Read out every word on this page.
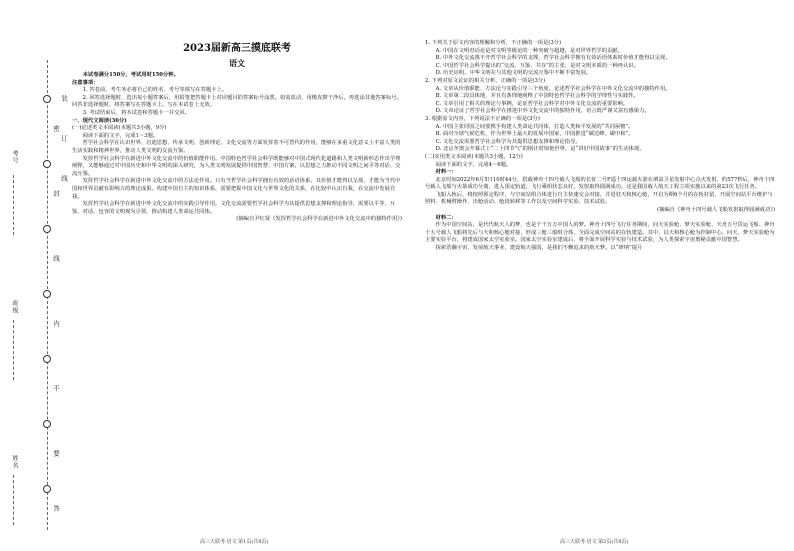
考号
班级
姓名
密
封
线
内
不
要
答
装
订
线
2023届新高三摸底联考
语文

本试卷满分150分，考试用时150分钟。

注意事项：

1. 答卷前，考生务必将自己的姓名、考号等填写在答题卡上。

2. 回答选择题时，选出每小题答案后，用铅笔把答题卡上对应题目的答案标号涂黑。如需改动，用橡皮擦干净后，再选涂其他答案标号。回答非选择题时，将答案写在答题卡上。写在本试卷上无效。

3. 考试结束后，将本试卷和答题卡一并交回。

一、现代文阅读(36分)

(一)论述类文本阅读(本题共3小题，9分)

阅读下面的文字，完成1～3题。

哲学社会科学在认识世界、启迪思想、传承文明、创新理论、文化交流等方面发挥着不可替代的作用，能够在多重文化意义上丰富人类的生活实践和精神世界，推动人类文明的交流互鉴。

发挥哲学社会科学在新进中外文化交流中的价值职能作用。中国特色哲学社会科学既能够对中国式现代化道路和人类文明新形态作出学理阐释，又能够通过对中国历史和中华文明的深入研究，为人类文明发展提供中国智慧、中国方案，以思想之力推动不同文明之间平等对话、交流互鉴。

发挥哲学社会科学在新进中外文化交流中的方法论作用。只有当哲学社会科学拥有有效的话语体系，其价值才能得以呈现，才能为当代中国和世界贡献有影响力的理论成果。构建中国自主的知识体系，需要把握中国文化与世界文化的关系，在比较中认识自我，在交流中发展自我。

发挥哲学社会科学在新进中外文化交流中的实践引导作用。文化交流需要哲学社会科学为其提供思想支撑和理论指导，需要以平等、互鉴、对话、包容的文明观为引领，推动构建人类命运共同体。

(摘编自尹红贤《发挥哲学社会科学在新进中外文化交流中的独特作用》)

高三大联考·语文 第1页(共8页)

1. 下列关于原文内容的理解和分析，不正确的一项是(3分)

A. 中国在文明对话论是对文明等级论的一种突破与超越，是对世界哲学的贡献。

B. 中外文化交流离不开哲学社会科学的支撑，哲学社会科学拥有有效话语体系时价值才能得以呈现。

C. 中国哲学社会科学提出的“交流、互鉴、共存”的主张，是对文明本质的一种再认识。

D. 历史证明，中华文明在与其他文明的交流互鉴中不断丰富发展。

2. 下列对原文论证的相关分析，正确的一项是(3分)

A. 文章从价值职能、方法论与实践引导三个角度，论述哲学社会科学在中外文化交流中的独特作用。

B. 文章第二段具体地、并且有条理地阐释了中国特色哲学社会科学的学理性与实践性。

C. 文章引用了相关的理论与事例，论证哲学社会科学对中外文化交流的重要影响。

D. 文章论证了哲学社会科学在推进中外文化交流中的独特作用，语言既严谨又富有感染力。

3. 根据原文内容，下列说法不正确的一项是(3分)

A. 中国主张同国之间要携手构建人类命运共同体，打造人类和平发展的“共同屋檐”。

B. 面对全球气候危机，作为世界上最大的发展中国家，中国推进“碳达峰、碳中和”。

C. 文化交流需要哲学社会科学为其提供思想支撑和理论指导。

D. 北京冬奥会开幕式上“二十四节气”的倒计时惊艳世界，是“讲好中国故事”的生动体现。

(二)实用类文本阅读(本题共3小题，12分)

阅读下面的文字，完成4～6题。

材料一：

北京时间2022年6月5日10时44分，搭载神舟十四号载人飞船的长征二号F遥十四运载火箭在酒泉卫星发射中心点火发射，约577秒后，神舟十四号载人飞船与火箭成功分离，进入预定轨道，飞行乘组状态良好，发射取得圆满成功。这是我国载人航天工程立项实施以来的第23次飞行任务。

飞船入轨后，将按照预定程序，与空间站组合体进行自主快速交会对接，并进驻天和核心舱，开启为期6个月的在轨驻留，开展空间站平台维护与照料、机械臂操作、出舱活动、舱段转移等工作以及空间科学实验、技术试验。

(摘编自《神舟十四号载人飞船发射取得圆满成功》)

材料二：

作为中国空间站，是代代航天人的梦，也是千千万万中国人的梦。神舟十四号飞行任务期间，问天实验舱、梦天实验舱、天舟五号货运飞船、神舟十五号载人飞船将先后与天和核心舱对接，形成三舱三船组合体，全面完成空间站的在轨建造。其中，以天和核心舱为控制中心，问天、梦天实验舱为主要实验平台，将建成国家太空实验室。国家太空实验室建成后，将全面开展科学实验与技术试验，为人类探索宇宙奥秘贡献中国智慧。

探索浩瀚宇宙，发展航天事业，建设航天强国，是我们不懈追求的航天梦。以“研纳”提月

高三大联考·语文 第2页(共8页)
